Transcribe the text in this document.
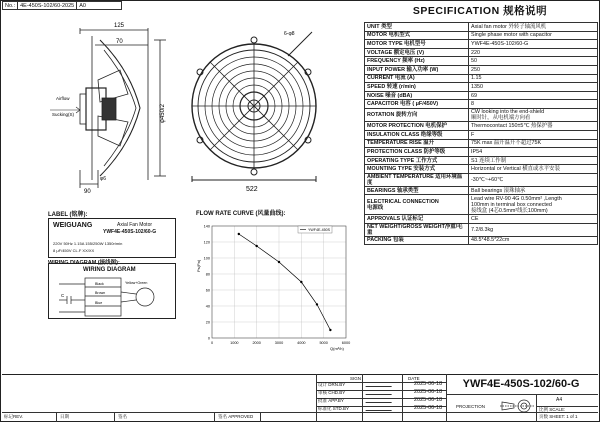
No.: 4E-450S-102/60-2025 A0
125
70
Airflow
Sucking(S)	φ450/2
90
φ6
522
6-φ8
SPECIFICATION 规格说明
UNIT 类型	Axial fan motor 外转子轴流风机
MOTOR 电机型式	Single phase motor with capacitor
MOTOR TYPE 电机型号	YWF4E-450S-102/60-G
VOLTAGE 额定电压 (V)	220
FREQUENCY 频率 (Hz)	50
INPUT POWER 输入功率 (W)	250
CURRENT 电流 (A)	1.15
SPEED 转速 (r/min)	1350
NOISE 噪音 (dBA)	69
CAPACITOR 电容 ( μF/450V)	8
ROTATION 旋转方向	CW looking into the end-shield
顺时针，从电机端方向看
MOTOR PROTECTION 电机保护	Thermocontact 150±5℃ 热保护器
INSULATION CLASS 绝缘等级	F
TEMPERATURE RISE 温升	75K max 温升温升不超过75K
PROTECTION CLASS 防护等级	IP54
OPERATING TYPE 工作方式	S1 连续工作制
MOUNTING TYPE 安装方式	Horizontal or Vertical 横直或水平安装
AMBIENT TEMPERATURE 适用环境温度	-30℃~+60℃
BEARINGS 轴承类型	Ball bearings 滚珠轴承
ELECTRICAL CONNECTION
电源线	Lead wire RV-90 4G 0.50mm² ,Length
100mm in terminal box connected
接线盒 (4芯0.5mm²线长100mm)
APPROVALS 认证标记	CE
NET WEIGHT/GROSS WEIGHT净重/毛重	7.2/8.3kg
PACKING 包装	48.5*48.5*22cm
LABEL (铭牌):
WEIGUANG	Axial Fan Motor
YWF4E-450S-102/60-G
220V 50Hz 1.15A 155/250W 1350r/min
8 μF/450V CL.F XX/XX
WIRING DIAGRAM (接线图):
WIRING DIAGRAM
C
Yellow+Green
Black
Brown
Blue
FLOW RATE CURVE (风量曲线):
Ps(Pa)
Q(m³/h)
140
120
100
80
60
40
20
0
0	1000	2000	3000	4000	5000	6000
YWF4E-450S
YWF4E-450S-102/60-G
SIGN	DATE
PROJECTION
A4
比例 SCALE:
页数 SHEET: 1 of 1
签名 APPROVED
标记REV.	日期	签名
设计 DRN.BY	2025-06-18
审核 CHD.BY	2025-06-18
批准 APP.BY	2025-06-18
标准化 STD.BY	2025-06-18
